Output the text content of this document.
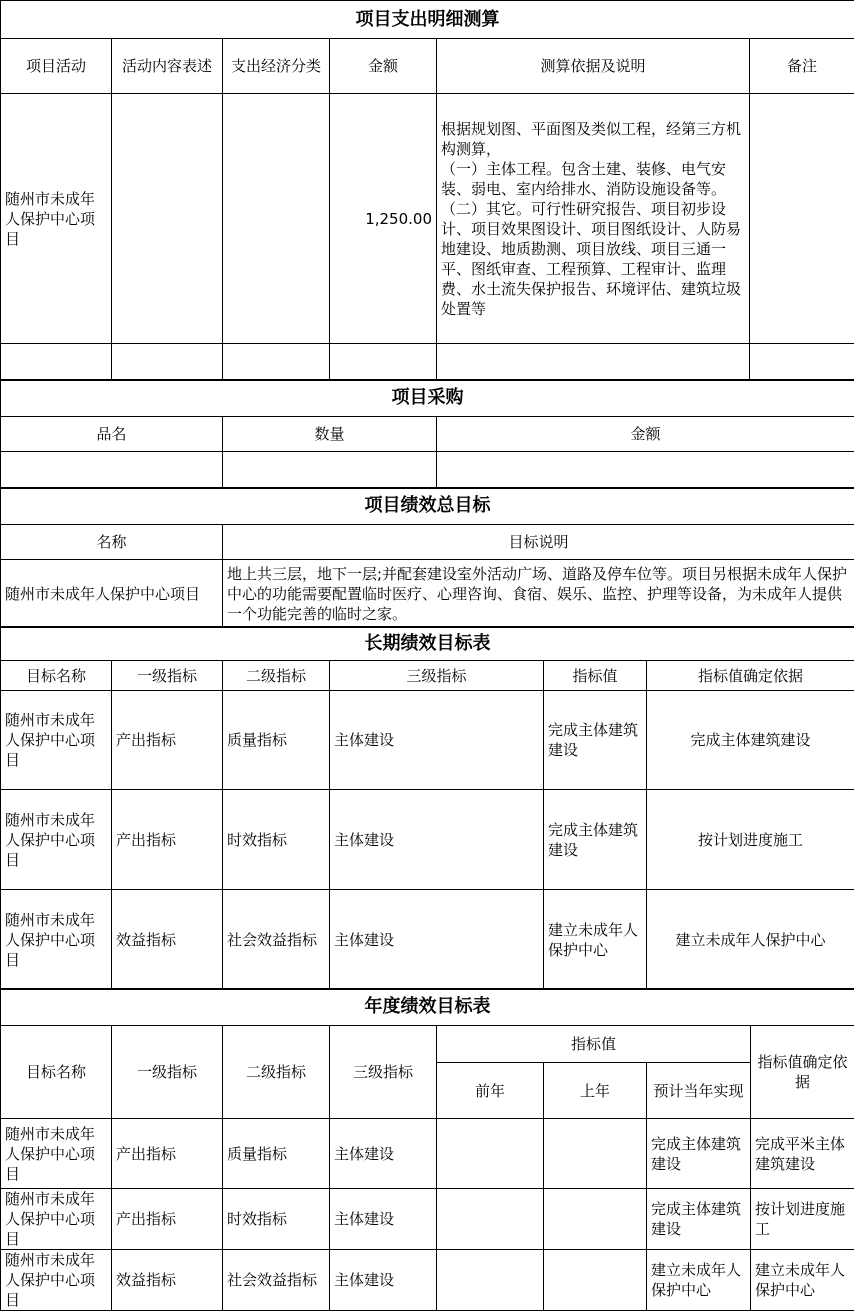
项目支出明细测算					
项目活动	活动内容表述	支出经济分类	金额	测算依据及说明	备注
随州市未成年人保护中心项目			1,250.00	根据规划图、平面图及类似工程，经第三方机构测算，
（一）主体工程。包含土建、装修、电气安装、弱电、室内给排水、消防设施设备等。
（二）其它。可行性研究报告、项目初步设计、项目效果图设计、项目图纸设计、人防易地建设、地质勘测、项目放线、项目三通一平、图纸审查、工程预算、工程审计、监理费、水土流失保护报告、环境评估、建筑垃圾处置等	

项目采购		
品名	数量	金额

项目绩效总目标	
名称	目标说明
随州市未成年人保护中心项目	地上共三层，地下一层;并配套建设室外活动广场、道路及停车位等。项目另根据未成年人保护中心的功能需要配置临时医疗、心理咨询、食宿、娱乐、监控、护理等设备，为未成年人提供一个功能完善的临时之家。
长期绩效目标表					
目标名称	一级指标	二级指标	三级指标	指标值	指标值确定依据
随州市未成年人保护中心项目	产出指标	质量指标	主体建设	完成主体建筑建设	完成主体建筑建设
随州市未成年人保护中心项目	产出指标	时效指标	主体建设	完成主体建筑建设	按计划进度施工
随州市未成年人保护中心项目	效益指标	社会效益指标	主体建设	建立未成年人保护中心	建立未成年人保护中心
年度绩效目标表							
目标名称	一级指标	二级指标	三级指标	指标值			指标值确定依据
				前年	上年	预计当年实现	
随州市未成年人保护中心项目	产出指标	质量指标	主体建设			完成主体建筑建设	完成平米主体建筑建设
随州市未成年人保护中心项目	产出指标	时效指标	主体建设			完成主体建筑建设	按计划进度施工
随州市未成年人保护中心项目	效益指标	社会效益指标	主体建设			建立未成年人保护中心	建立未成年人保护中心
